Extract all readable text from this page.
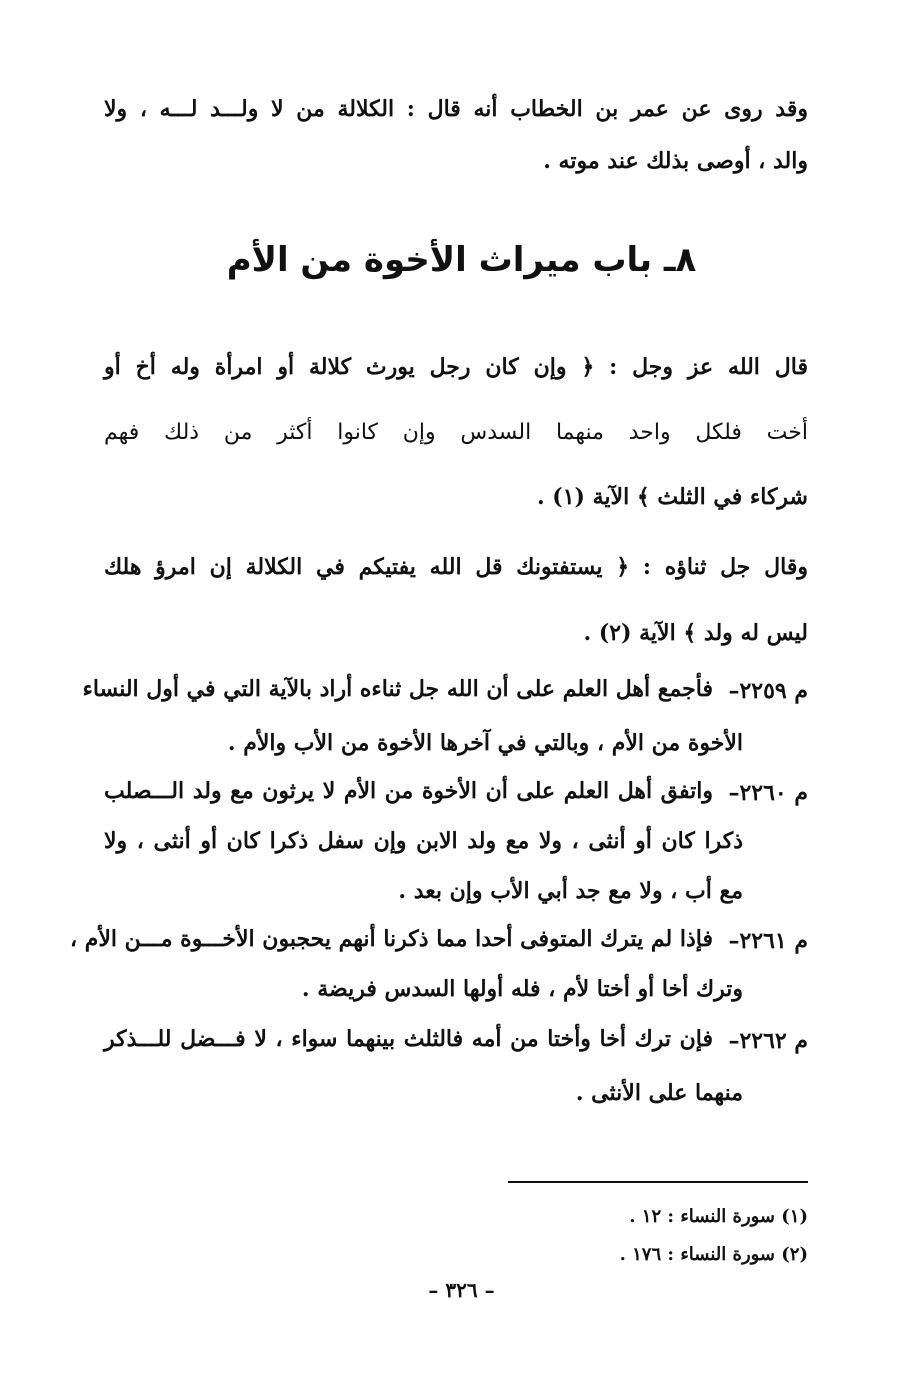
وقد روى عن عمر بن الخطاب أنه قال : الكلالة من لا ولـــد لـــه ، ولا
والد ، أوصى بذلك عند موته .
٨ـ باب ميراث الأخوة من الأم
قال الله عز وجل : ﴿ وإن كان رجل يورث كلالة أو امرأة وله أخ أو
أخت فلكل واحد منهما السدس وإن كانوا أكثر من ذلك فهم
شركاء في الثلث ﴾ الآية (١) .
وقال جل ثناؤه : ﴿ يستفتونك قل الله يفتيكم في الكلالة إن امرؤ هلك
ليس له ولد ﴾ الآية (٢) .
م ٢٢٥٩–
فأجمع أهل العلم على أن الله جل ثناءه أراد بالآية التي في أول النساء
الأخوة من الأم ، وبالتي في آخرها الأخوة من الأب والأم .
م ٢٢٦٠–
واتفق أهل العلم على أن الأخوة من الأم لا يرثون مع ولد الـــصلب
ذكرا كان أو أنثى ، ولا مع ولد الابن وإن سفل ذكرا كان أو أنثى ، ولا
مع أب ، ولا مع جد أبي الأب وإن بعد .
م ٢٢٦١–
فإذا لم يترك المتوفى أحدا مما ذكرنا أنهم يحجبون الأخـــوة مـــن الأم ،
وترك أخا أو أختا لأم ، فله أولها السدس فريضة .
م ٢٢٦٢–
فإن ترك أخا وأختا من أمه فالثلث بينهما سواء ، لا فـــضل للـــذكر
منهما على الأنثى .
(١) سورة النساء : ١٢ .
(٢) سورة النساء : ١٧٦ .
– ٣٢٦ –
